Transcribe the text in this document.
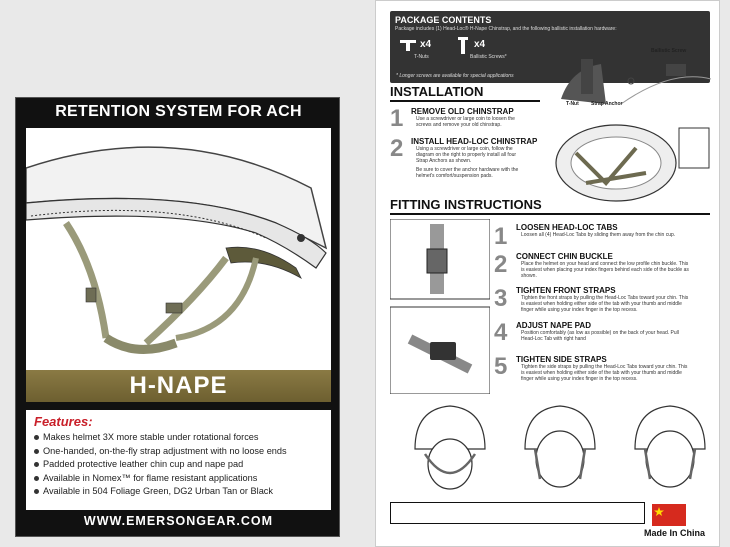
RETENTION SYSTEM FOR ACH
H-NAPE
Features:
Makes helmet 3X more stable under rotational forces
One-handed, on-the-fly strap adjustment with no loose ends
Padded protective leather chin cup and nape pad
Available in Nomex™ for flame resistant applications
Available in 504 Foliage Green, DG2 Urban Tan or Black
WWW.EMERSONGEAR.COM
PACKAGE CONTENTS
Package includes (1) Head-Loc® H-Nape Chinstrap, and the following ballistic installation hardware:
x4
T-Nuts
x4
Ballistic Screws*
* Longer screws are available for special applications
Ballistic Screw
T-Nut Strap Anchor
INSTALLATION
1 REMOVE OLD CHINSTRAP
Use a screwdriver or large coin to loosen the
screws and remove your old chinstrap.
2 INSTALL HEAD-LOC CHINSTRAP
Using a screwdriver or large coin, follow the
diagram on the right to properly install all four
Strap Anchors as shown.
Be sure to cover the anchor hardware with the
helmet's comfort/suspension pads.
FITTING INSTRUCTIONS
1 LOOSEN HEAD-LOC TABS
Loosen all (4) Head-Loc Tabs by sliding them away from the chin cup.
2 CONNECT CHIN BUCKLE
Place the helmet on your head and connect the low profile chin buckle. This
is easiest when placing your index fingers behind each side of the buckle as
shown.
3 TIGHTEN FRONT STRAPS
Tighten the front straps by pulling the Head-Loc Tabs toward your chin. This
is easiest when holding either side of the tab with your thumb and middle
finger while using your index finger in the top recess.
4 ADJUST NAPE PAD
Position comfortably (as low as possible) on the back of your head. Pull
Head-Loc Tab with right hand
5 TIGHTEN SIDE STRAPS
Tighten the side straps by pulling the Head-Loc Tabs toward your chin. This
is easiest when holding either side of the tab with your thumb and middle
finger while using your index finger in the top recess.
Made In China
